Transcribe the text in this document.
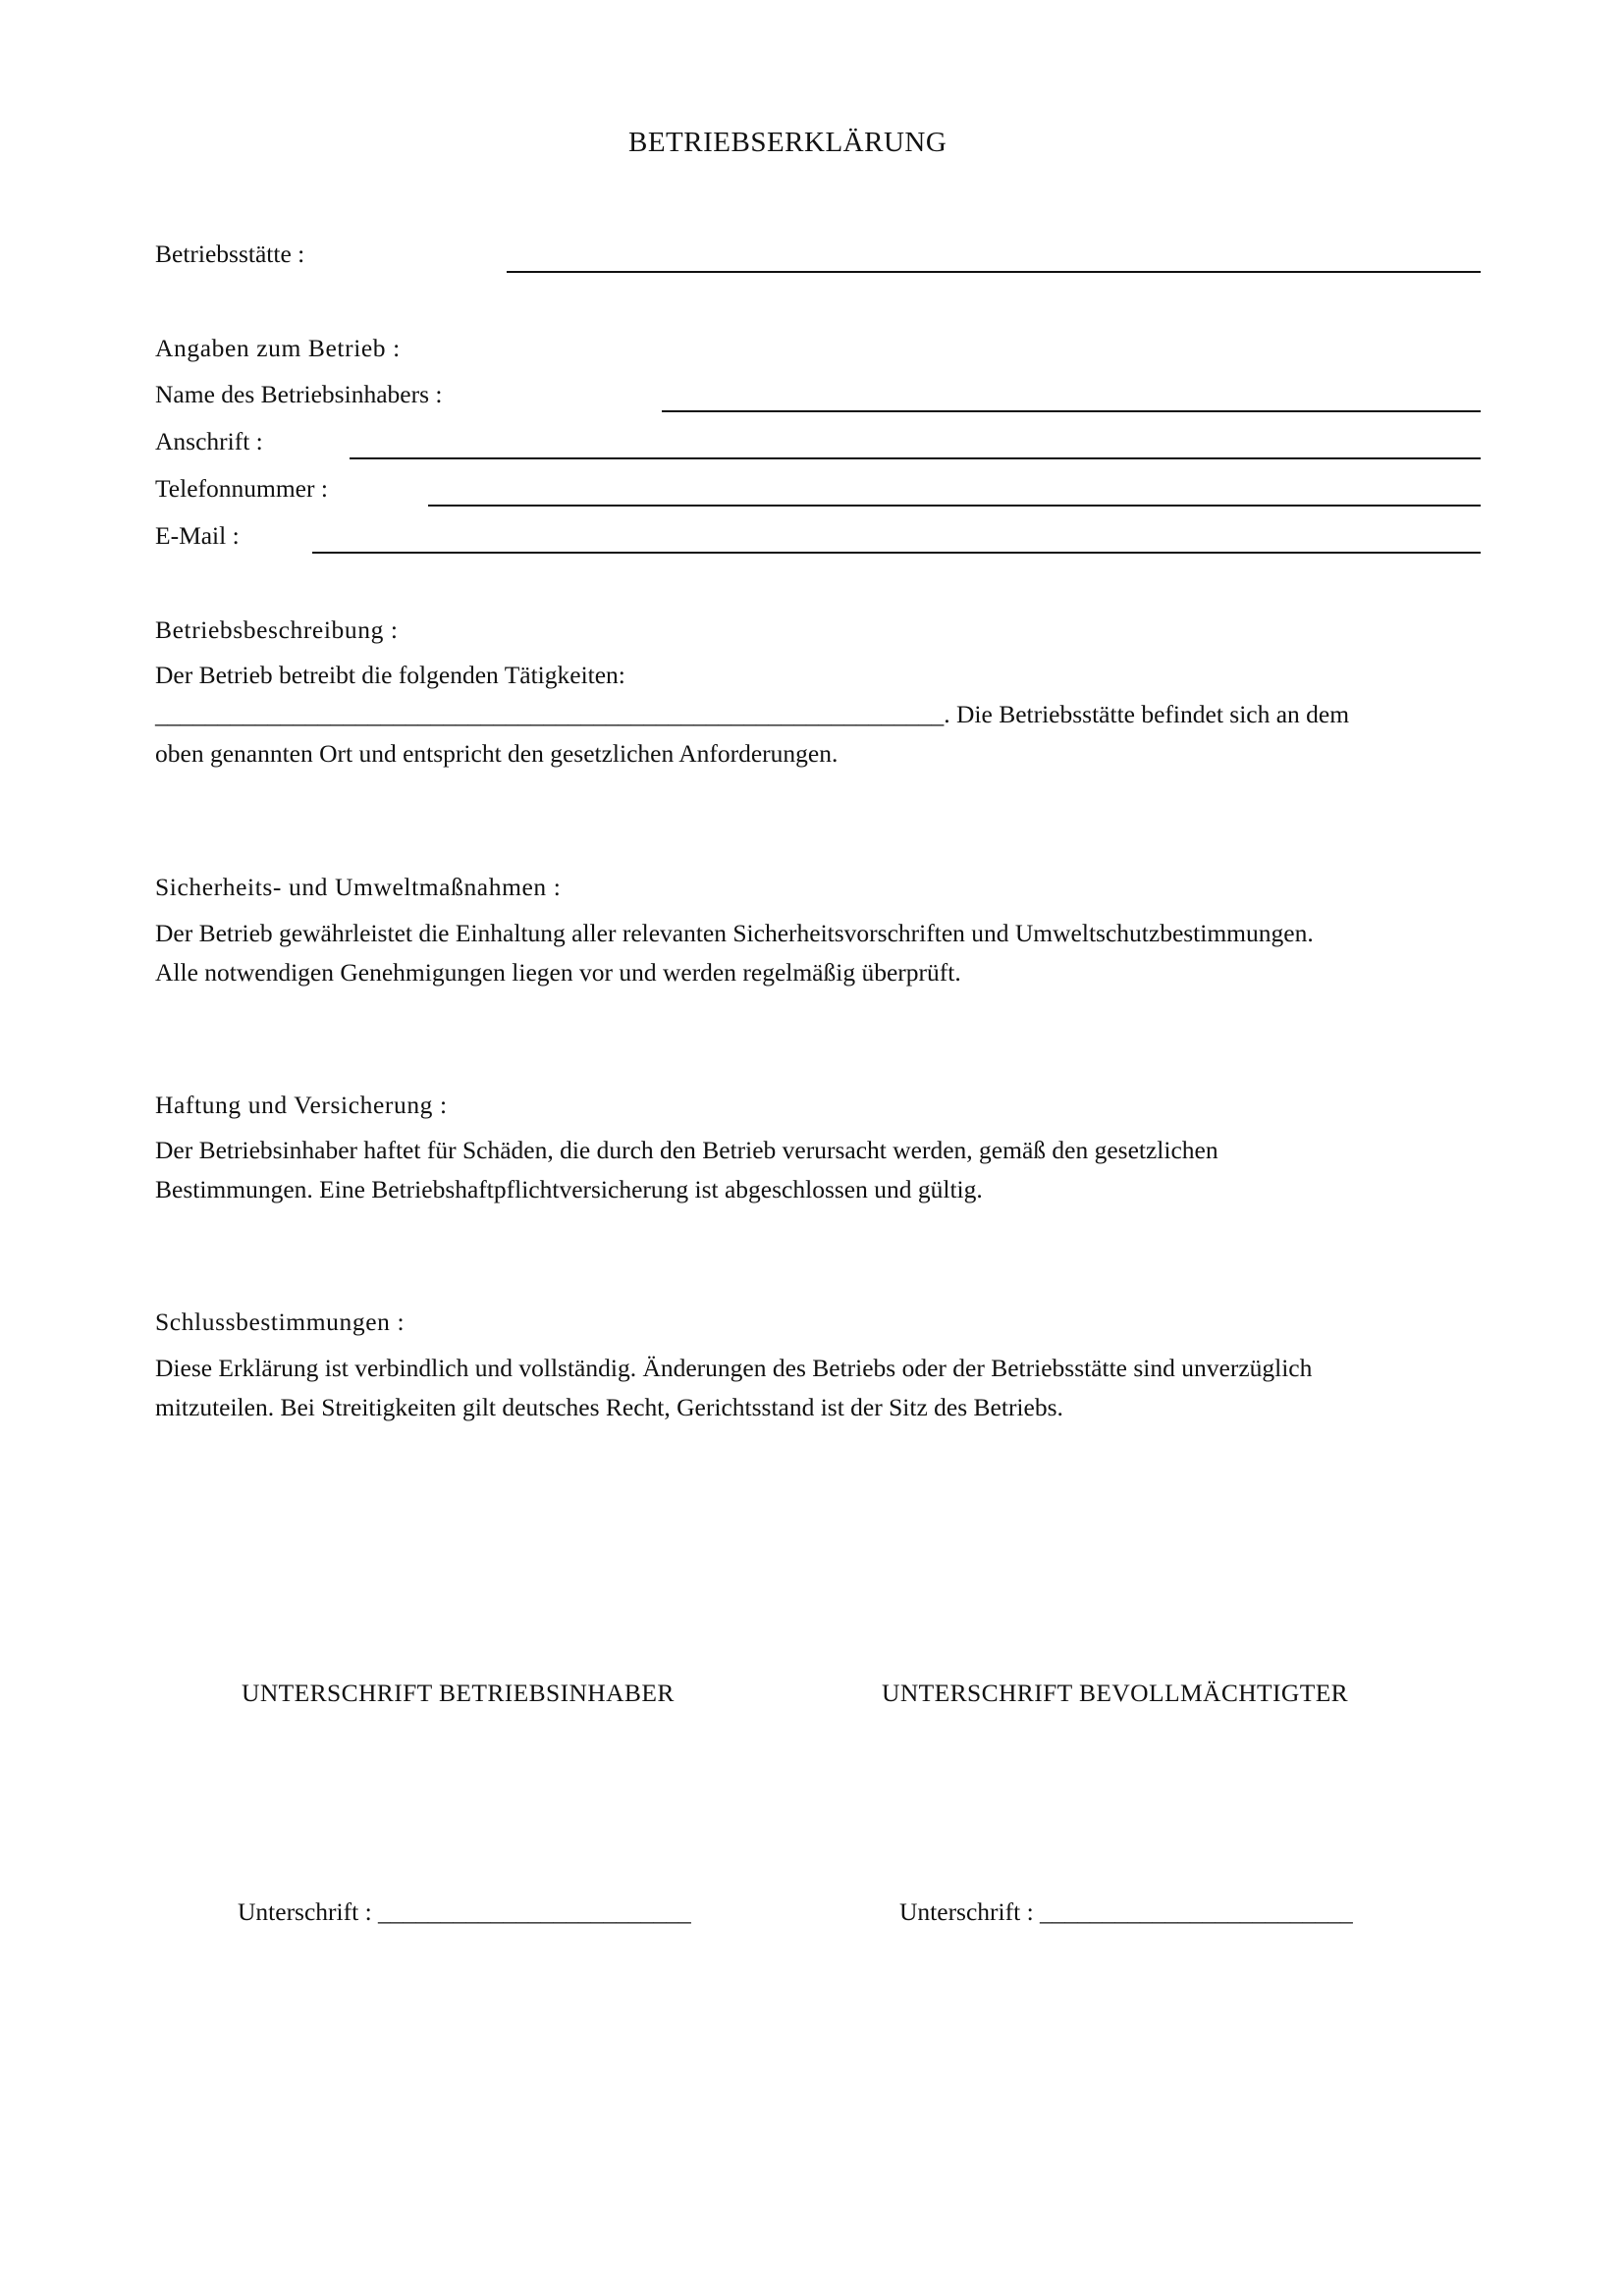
BETRIEBSERKLÄRUNG
Betriebsstätte :
Angaben zum Betrieb :
Name des Betriebsinhabers :
Anschrift :
Telefonnummer :
E-Mail :
Betriebsbeschreibung :
Der Betrieb betreibt die folgenden Tätigkeiten:
_______________________________________________________________. Die Betriebsstätte befindet sich an dem
oben genannten Ort und entspricht den gesetzlichen Anforderungen.
Sicherheits- und Umweltmaßnahmen :
Der Betrieb gewährleistet die Einhaltung aller relevanten Sicherheitsvorschriften und Umweltschutzbestimmungen.
Alle notwendigen Genehmigungen liegen vor und werden regelmäßig überprüft.
Haftung und Versicherung :
Der Betriebsinhaber haftet für Schäden, die durch den Betrieb verursacht werden, gemäß den gesetzlichen
Bestimmungen. Eine Betriebshaftpflichtversicherung ist abgeschlossen und gültig.
Schlussbestimmungen :
Diese Erklärung ist verbindlich und vollständig. Änderungen des Betriebs oder der Betriebsstätte sind unverzüglich
mitzuteilen. Bei Streitigkeiten gilt deutsches Recht, Gerichtsstand ist der Sitz des Betriebs.
UNTERSCHRIFT BETRIEBSINHABER	UNTERSCHRIFT BEVOLLMÄCHTIGTER
Unterschrift : _________________________	Unterschrift : _________________________
